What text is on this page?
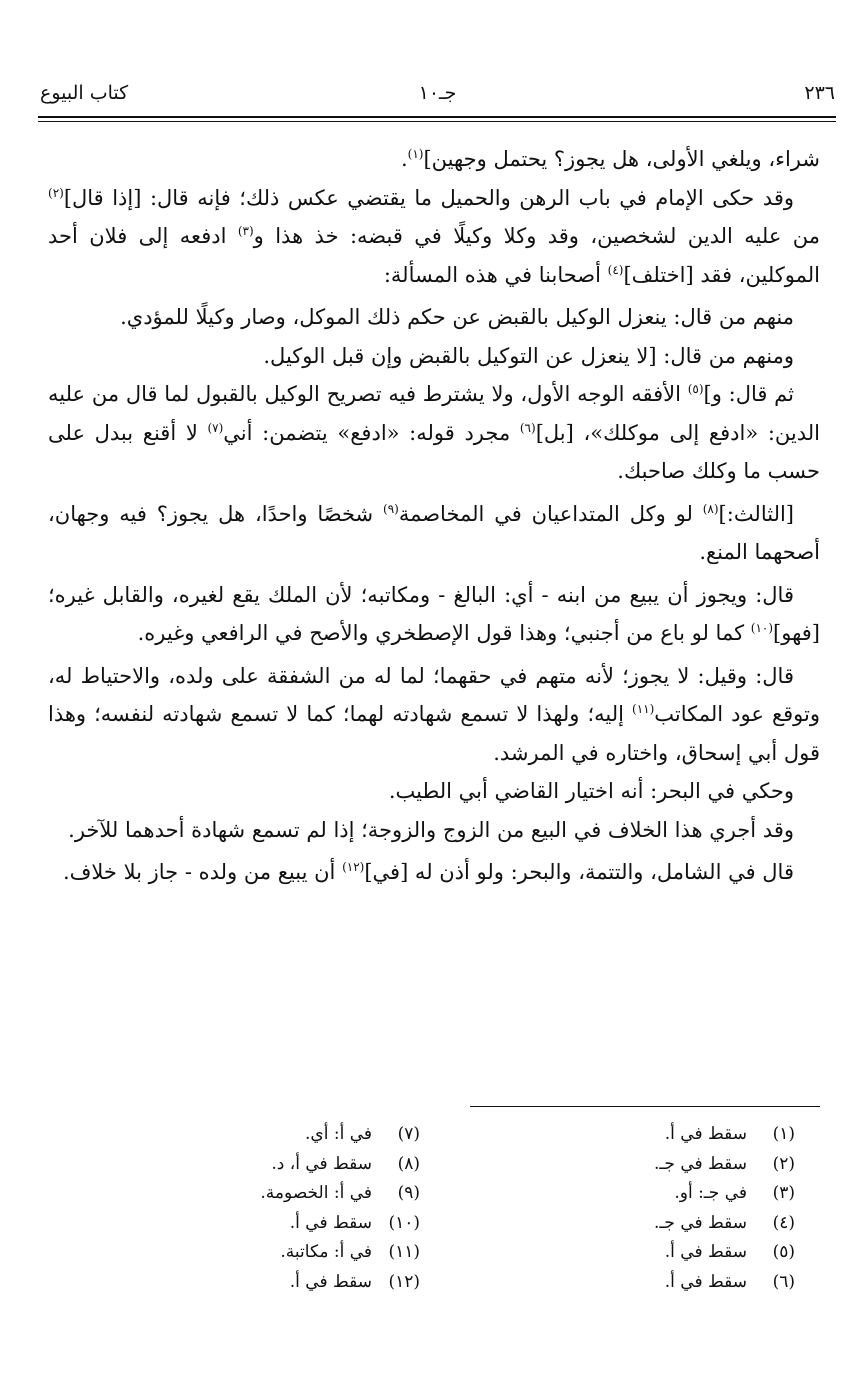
٢٣٦
جـ١٠
كتاب البيوع

شراء، ويلغي الأولى، هل يجوز؟ يحتمل وجهين]$^{(١)}$.

وقد حكى الإمام في باب الرهن والحميل ما يقتضي عكس ذلك؛ فإنه قال: [إذا قال]$^{(٢)}$ من عليه الدين لشخصين، وقد وكلا وكيلًا في قبضه: خذ هذا و$^{(٣)}$ ادفعه إلى فلان أحد الموكلين، فقد [اختلف]$^{(٤)}$ أصحابنا في هذه المسألة:

منهم من قال: ينعزل الوكيل بالقبض عن حكم ذلك الموكل، وصار وكيلًا للمؤدي.

ومنهم من قال: [لا ينعزل عن التوكيل بالقبض وإن قبل الوكيل.

ثم قال: و]$^{(٥)}$ الأفقه الوجه الأول، ولا يشترط فيه تصريح الوكيل بالقبول لما قال من عليه الدين: «ادفع إلى موكلك»، [بل]$^{(٦)}$ مجرد قوله: «ادفع» يتضمن: أني$^{(٧)}$ لا أقنع ببدل على حسب ما وكلك صاحبك.

[الثالث:]$^{(٨)}$ لو وكل المتداعيان في المخاصمة$^{(٩)}$ شخصًا واحدًا، هل يجوز؟ فيه وجهان، أصحهما المنع.

قال: ويجوز أن يبيع من ابنه - أي: البالغ - ومكاتبه؛ لأن الملك يقع لغيره، والقابل غيره؛ [فهو]$^{(١٠)}$ كما لو باع من أجنبي؛ وهذا قول الإصطخري والأصح في الرافعي وغيره.

قال: وقيل: لا يجوز؛ لأنه متهم في حقهما؛ لما له من الشفقة على ولده، والاحتياط له، وتوقع عود المكاتب$^{(١١)}$ إليه؛ ولهذا لا تسمع شهادته لهما؛ كما لا تسمع شهادته لنفسه؛ وهذا قول أبي إسحاق، واختاره في المرشد.

وحكي في البحر: أنه اختيار القاضي أبي الطيب.

وقد أجري هذا الخلاف في البيع من الزوج والزوجة؛ إذا لم تسمع شهادة أحدهما للآخر.

قال في الشامل، والتتمة، والبحر: ولو أذن له [في]$^{(١٢)}$ أن يبيع من ولده - جاز بلا خلاف.

(١)سقط في أ.
(٢)سقط في جـ.
(٣)في جـ: أو.
(٤)سقط في جـ.
(٥)سقط في أ.
(٦)سقط في أ.
(٧)في أ: أي.
(٨)سقط في أ، د.
(٩)في أ: الخصومة.
(١٠)سقط في أ.
(١١)في أ: مكاتبة.
(١٢)سقط في أ.
